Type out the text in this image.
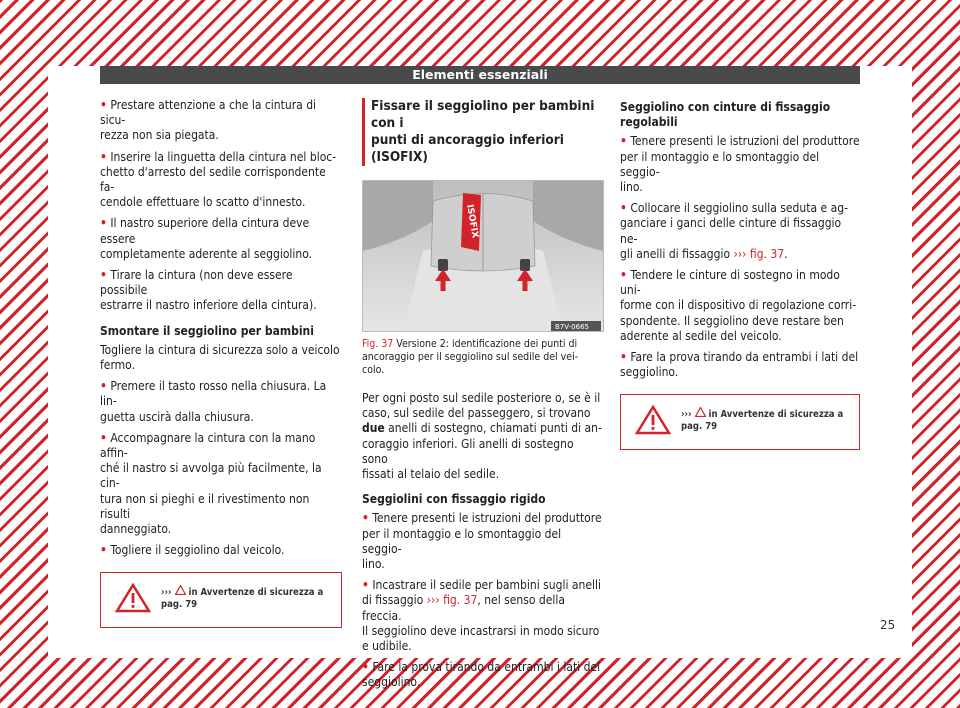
Elementi essenziali

• Prestare attenzione a che la cintura di sicu-
rezza non sia piegata.

• Inserire la linguetta della cintura nel bloc-
chetto d'arresto del sedile corrispondente fa-
cendole effettuare lo scatto d'innesto.

• Il nastro superiore della cintura deve essere
completamente aderente al seggiolino.

• Tirare la cintura (non deve essere possibile
estrarre il nastro inferiore della cintura).

Smontare il seggiolino per bambini

Togliere la cintura di sicurezza solo a veicolo
fermo.

• Premere il tasto rosso nella chiusura. La lin-
guetta uscirà dalla chiusura.

• Accompagnare la cintura con la mano affin-
ché il nastro si avvolga più facilmente, la cin-
tura non si pieghi e il rivestimento non risulti
danneggiato.

• Togliere il seggiolino dal veicolo.

›››  in Avvertenze di sicurezza a
pag. 79
Fissare il seggiolino per bambini con i
punti di ancoraggio inferiori (ISOFIX)
ISOFIX
B7V-0665
Fig. 37 Versione 2: identificazione dei punti di
ancoraggio per il seggiolino sul sedile del vei-
colo.

Per ogni posto sul sedile posteriore o, se è il
caso, sul sedile del passeggero, si trovano
due anelli di sostegno, chiamati punti di an-
coraggio inferiori. Gli anelli di sostegno sono
fissati al telaio del sedile.

Seggiolini con fissaggio rigido

• Tenere presenti le istruzioni del produttore
per il montaggio e lo smontaggio del seggio-
lino.

• Incastrare il sedile per bambini sugli anelli
di fissaggio ››› fig. 37, nel senso della freccia.
Il seggiolino deve incastrarsi in modo sicuro
e udibile.

• Fare la prova tirando da entrambi i lati del
seggiolino.

Seggiolino con cinture di fissaggio regolabili

• Tenere presenti le istruzioni del produttore
per il montaggio e lo smontaggio del seggio-
lino.

• Collocare il seggiolino sulla seduta e ag-
ganciare i ganci delle cinture di fissaggio ne-
gli anelli di fissaggio ››› fig. 37.

• Tendere le cinture di sostegno in modo uni-
forme con il dispositivo di regolazione corri-
spondente. Il seggiolino deve restare ben
aderente al sedile del veicolo.

• Fare la prova tirando da entrambi i lati del
seggiolino.

›››  in Avvertenze di sicurezza a
pag. 79
25
